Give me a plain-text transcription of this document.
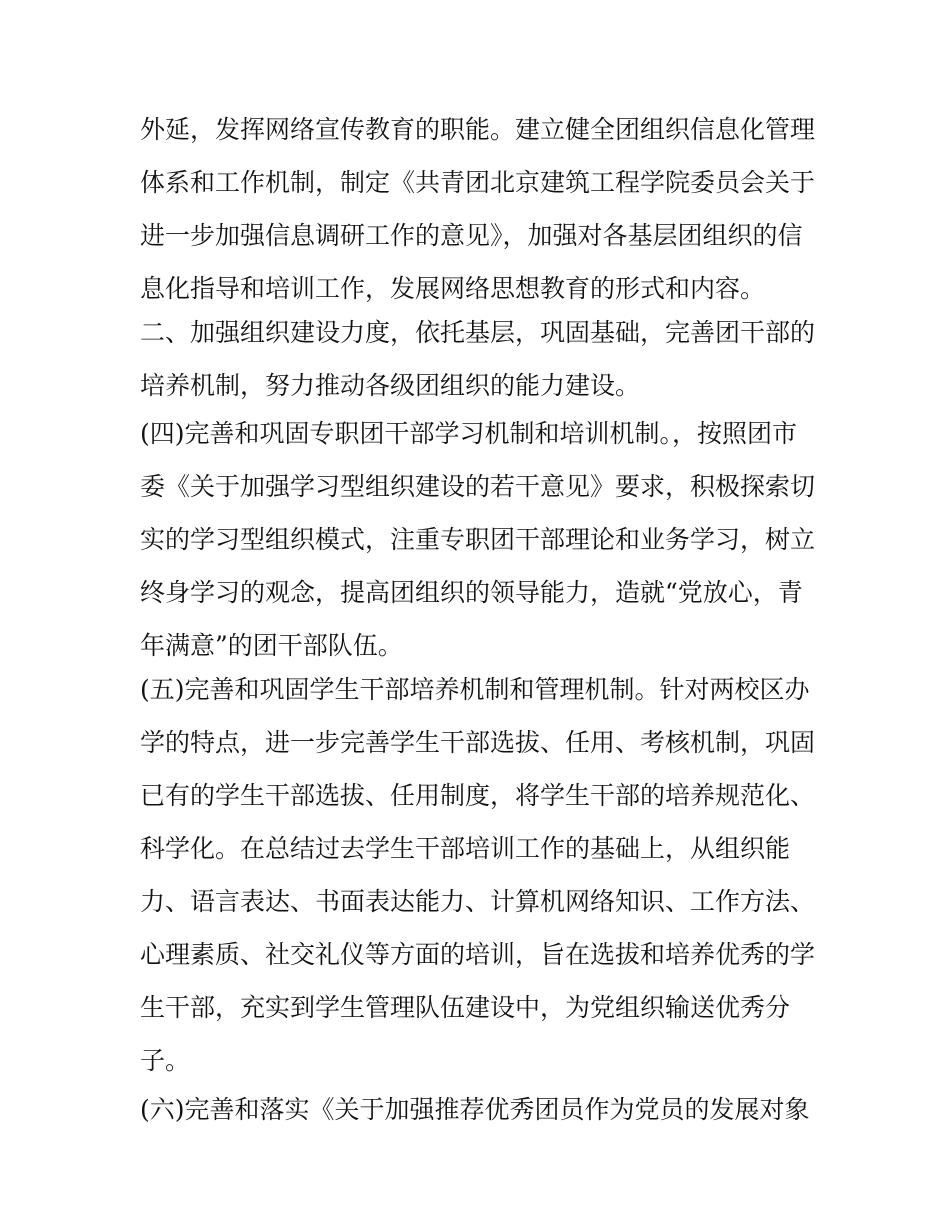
外延，发挥网络宣传教育的职能。建立健全团组织信息化管理
体系和工作机制，制定《共青团北京建筑工程学院委员会关于
进一步加强信息调研工作的意见》，加强对各基层团组织的信
息化指导和培训工作，发展网络思想教育的形式和内容。
二、加强组织建设力度，依托基层，巩固基础，完善团干部的
培养机制，努力推动各级团组织的能力建设。
(四)完善和巩固专职团干部学习机制和培训机制。，按照团市
委《关于加强学习型组织建设的若干意见》要求，积极探索切
实的学习型组织模式，注重专职团干部理论和业务学习，树立
终身学习的观念，提高团组织的领导能力，造就“党放心，青
年满意”的团干部队伍。
(五)完善和巩固学生干部培养机制和管理机制。针对两校区办
学的特点，进一步完善学生干部选拔、任用、考核机制，巩固
已有的学生干部选拔、任用制度，将学生干部的培养规范化、
科学化。在总结过去学生干部培训工作的基础上，从组织能
力、语言表达、书面表达能力、计算机网络知识、工作方法、
心理素质、社交礼仪等方面的培训，旨在选拔和培养优秀的学
生干部，充实到学生管理队伍建设中，为党组织输送优秀分
子。
(六)完善和落实《关于加强推荐优秀团员作为党员的发展对象
